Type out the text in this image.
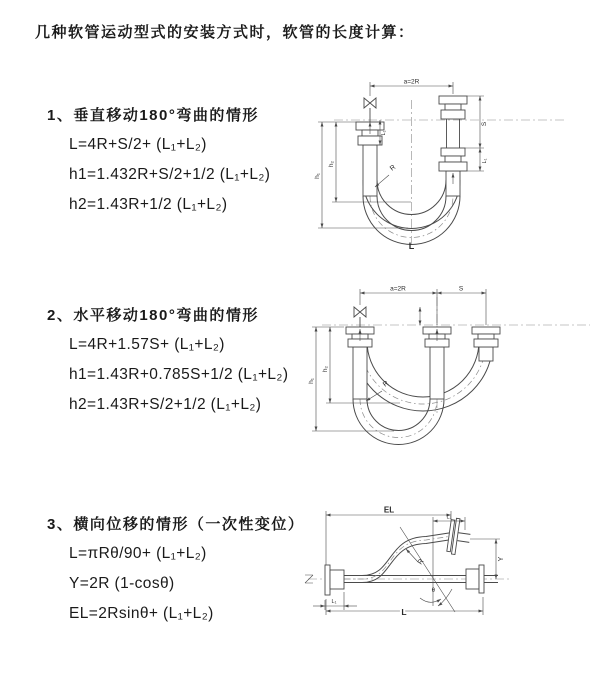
几种软管运动型式的安装方式时，软管的长度计算：
1、垂直移动180°弯曲的情形
L=4R+S/2+ (L₁+L₂)
h1=1.432R+S/2+1/2 (L₁+L₂)
h2=1.43R+1/2 (L₁+L₂)
2、水平移动180°弯曲的情形
L=4R+1.57S+ (L₁+L₂)
h1=1.43R+0.785S+1/2 (L₁+L₂)
h2=1.43R+S/2+1/2 (L₁+L₂)
3、横向位移的情形（一次性变位）
L=πRθ/90+ (L₁+L₂)
Y=2R (1-cosθ)
EL=2Rsinθ+ (L₁+L₂)
a=2R
S
L₁
h₁
h₂
L₁
R
L
a=2R	S
h₁
h₂
R
θ
EL
L₁
Y
L
L₁
R
